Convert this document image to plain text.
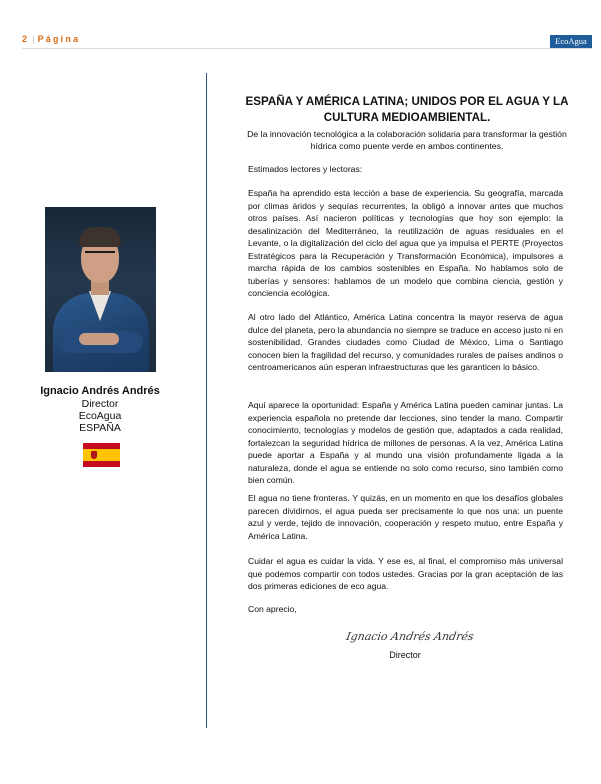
2 | Página	EcoAgua
Ignacio Andrés Andrés
Director
EcoAgua
ESPAÑA
ESPAÑA Y AMÉRICA LATINA; UNIDOS POR EL AGUA Y LA CULTURA MEDIOAMBIENTAL.
De la innovación tecnológica a la colaboración solidaria para transformar la gestión hídrica como puente verde en ambos continentes.
Estimados lectores y lectoras:
España ha aprendido esta lección a base de experiencia. Su geografía, marcada por climas áridos y sequías recurrentes, la obligó a innovar antes que muchos otros países. Así nacieron políticas y tecnologías que hoy son ejemplo: la desalinización del Mediterráneo, la reutilización de aguas residuales en el Levante, o la digitalización del ciclo del agua que ya impulsa el PERTE (Proyectos Estratégicos para la Recuperación y Transformación Económica), impulsores a marcha rápida de los cambios sostenibles en España. No hablamos solo de tuberías y sensores: hablamos de un modelo que combina ciencia, gestión y conciencia ecológica.
Al otro lado del Atlántico, América Latina concentra la mayor reserva de agua dulce del planeta, pero la abundancia no siempre se traduce en acceso justo ni en sostenibilidad. Grandes ciudades como Ciudad de México, Lima o Santiago conocen bien la fragilidad del recurso, y comunidades rurales de países andinos o centroamericanos aún esperan infraestructuras que les garanticen lo básico.
Aquí aparece la oportunidad: España y América Latina pueden caminar juntas. La experiencia española no pretende dar lecciones, sino tender la mano. Compartir conocimiento, tecnologías y modelos de gestión que, adaptados a cada realidad, fortalezcan la seguridad hídrica de millones de personas. A la vez, América Latina puede aportar a España y al mundo una visión profundamente ligada a la naturaleza, donde el agua se entiende no solo como recurso, sino también como bien común.
El agua no tiene fronteras. Y quizás, en un momento en que los desafíos globales parecen dividirnos, el agua pueda ser precisamente lo que nos una: un puente azul y verde, tejido de innovación, cooperación y respeto mutuo, entre España y América Latina.
Cuidar el agua es cuidar la vida. Y ese es, al final, el compromiso más universal que podemos compartir con todos ustedes. Gracias por la gran aceptación de las dos primeras ediciones de eco agua.
Con aprecio,
Ignacio Andrés Andrés
Director
